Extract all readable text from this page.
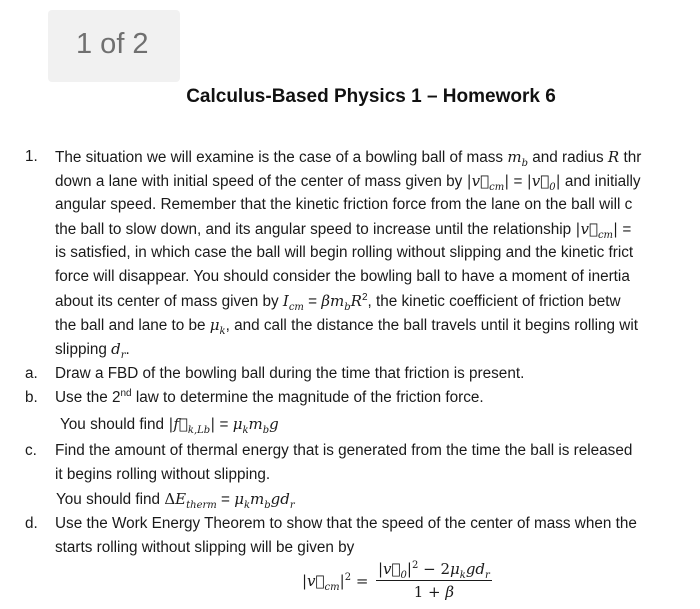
1 of 2
Calculus-Based Physics 1 – Homework 6
1. The situation we will examine is the case of a bowling ball of mass $m_b$ and radius R thr
down a lane with initial speed of the center of mass given by $|v⃗_{cm}|$ = $|v⃗_0|$ and initially
angular speed. Remember that the kinetic friction force from the lane on the ball will c
the ball to slow down, and its angular speed to increase until the relationship $|v⃗_{cm}|$ =
is satisfied, in which case the ball will begin rolling without slipping and the kinetic frict
force will disappear. You should consider the bowling ball to have a moment of inertia
about its center of mass given by $I_{cm} = \beta m_bR^2$, the kinetic coefficient of friction betw
the ball and lane to be $\mu_k$, and call the distance the ball travels until it begins rolling wit
slipping $d_r$.
a. Draw a FBD of the bowling ball during the time that friction is present.
b. Use the 2nd law to determine the magnitude of the friction force.
You should find $|f⃗_{k,Lb}| = \mu_km_bg$
c. Find the amount of thermal energy that is generated from the time the ball is released
it begins rolling without slipping.
You should find $\Delta E_{therm} = \mu_km_bgd_r$
d. Use the Work Energy Theorem to show that the speed of the center of mass when the
starts rolling without slipping will be given by
$|v⃗_{cm}|^2$ =
$|v⃗_0|^2 - 2\mu_kgd_r$
1 + β
